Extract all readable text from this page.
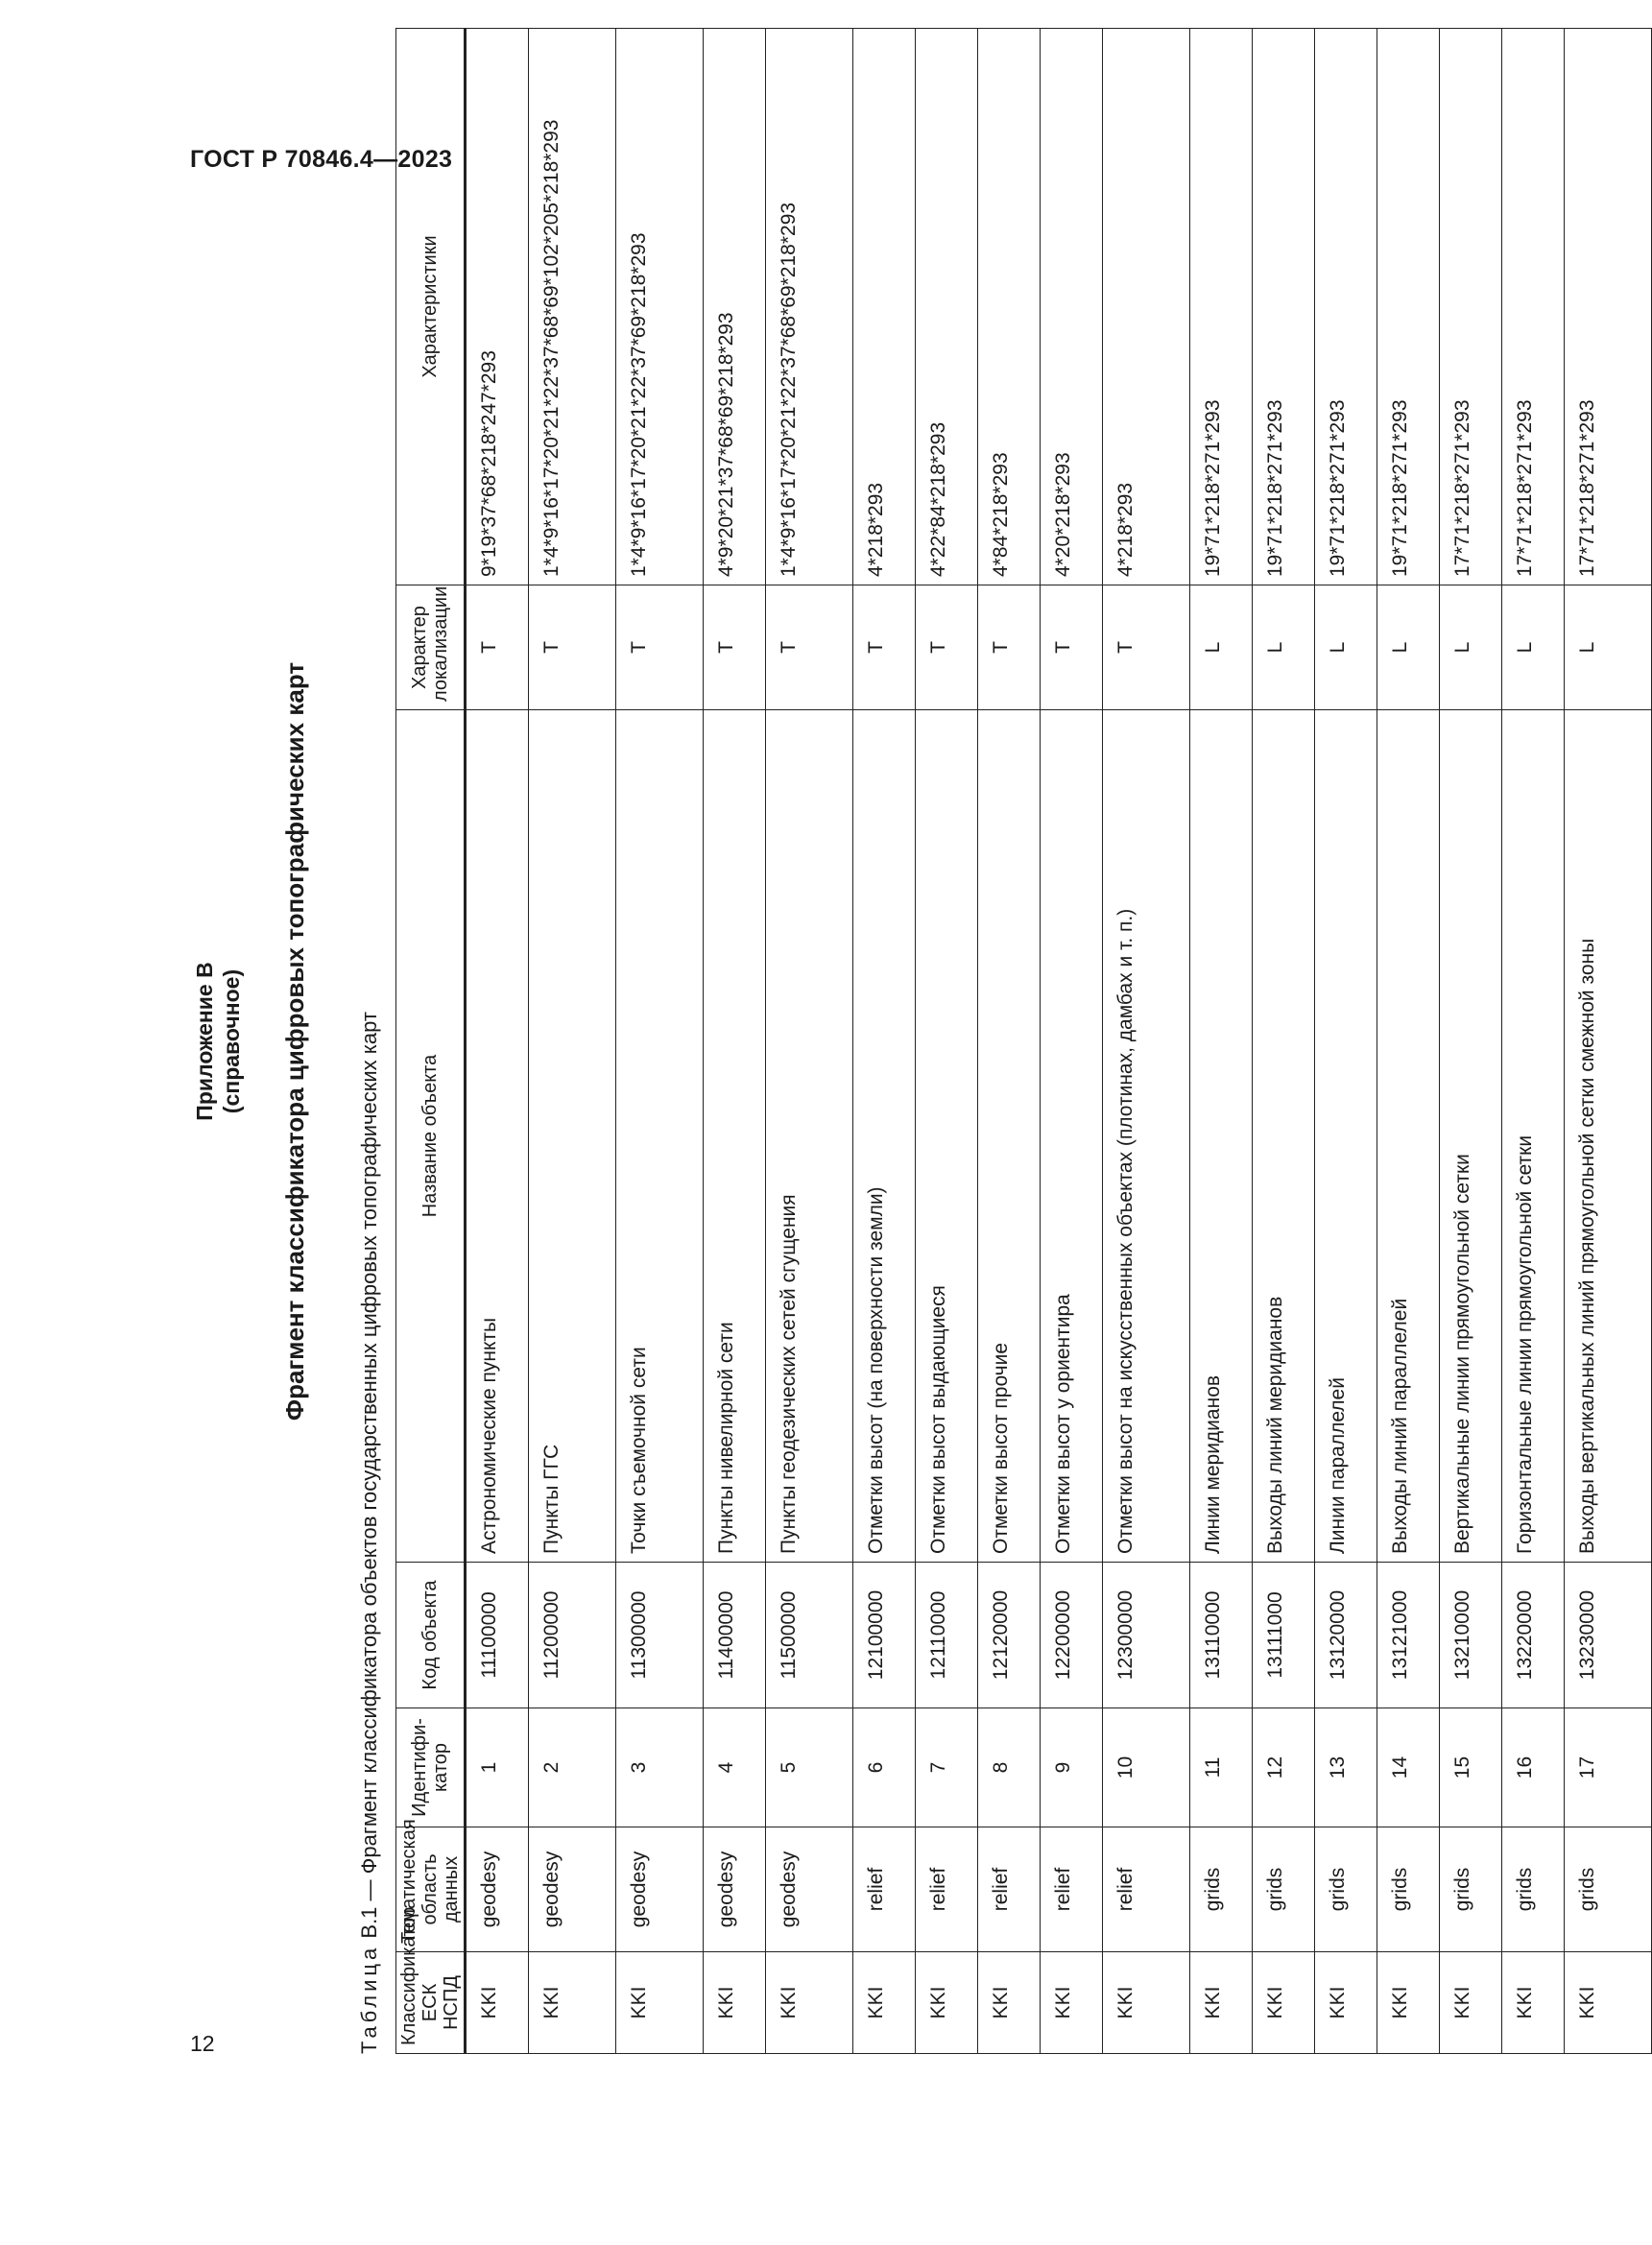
ГОСТ Р 70846.4—2023
12
Приложение В (справочное) Фрагмент классификатора цифровых топографических карт
Таблица В.1 — Фрагмент классификатора объектов государственных цифровых топографических карт
Классификатор ЕСК НСПД	Тематическая область данных	Идентифи-катор	Код объекта	Название объекта	Характер локализации	Характеристики
KKI	geodesy	1	11100000	Астрономические пункты	T	9*19*37*68*218*247*293
KKI	geodesy	2	11200000	Пункты ГГС	T	1*4*9*16*17*20*21*22*37*68*69*102*205*218*293
KKI	geodesy	3	11300000	Точки съемочной сети	T	1*4*9*16*17*20*21*22*37*69*218*293
KKI	geodesy	4	11400000	Пункты нивелирной сети	T	4*9*20*21*37*68*69*218*293
KKI	geodesy	5	11500000	Пункты геодезических сетей сгущения	T	1*4*9*16*17*20*21*22*37*68*69*218*293
KKI	relief	6	12100000	Отметки высот (на поверхности земли)	T	4*218*293
KKI	relief	7	12110000	Отметки высот выдающиеся	T	4*22*84*218*293
KKI	relief	8	12120000	Отметки высот прочие	T	4*84*218*293
KKI	relief	9	12200000	Отметки высот у ориентира	T	4*20*218*293
KKI	relief	10	12300000	Отметки высот на искусственных объектах (плотинах, дамбах и т. п.)	T	4*218*293
KKI	grids	11	13110000	Линии меридианов	L	19*71*218*271*293
KKI	grids	12	13111000	Выходы линий меридианов	L	19*71*218*271*293
KKI	grids	13	13120000	Линии параллелей	L	19*71*218*271*293
KKI	grids	14	13121000	Выходы линий параллелей	L	19*71*218*271*293
KKI	grids	15	13210000	Вертикальные линии прямоугольной сетки	L	17*71*218*271*293
KKI	grids	16	13220000	Горизонтальные линии прямоугольной сетки	L	17*71*218*271*293
KKI	grids	17	13230000	Выходы вертикальных линий прямоугольной сетки смежной зоны	L	17*71*218*271*293
